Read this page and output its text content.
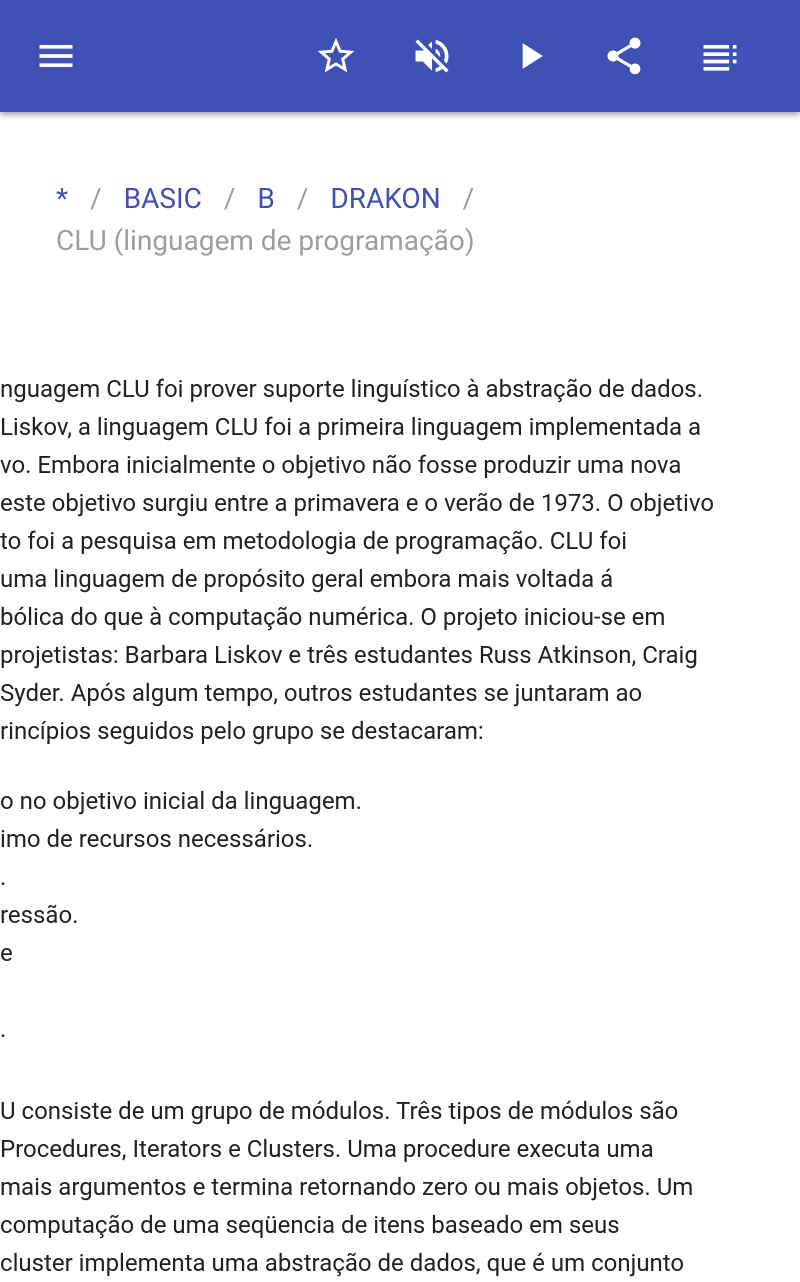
* / BASIC / B / DRAKON /
CLU (linguagem de programação)
nguagem CLU foi prover suporte linguístico à abstração de dados.
Liskov, a linguagem CLU foi a primeira linguagem implementada a
vo. Embora inicialmente o objetivo não fosse produzir uma nova
este objetivo surgiu entre a primavera e o verão de 1973. O objetivo
to foi a pesquisa em metodologia de programação. CLU foi
uma linguagem de propósito geral embora mais voltada á
bólica do que à computação numérica. O projeto iniciou-se em
projetistas: Barbara Liskov e três estudantes Russ Atkinson, Craig
Syder. Após algum tempo, outros estudantes se juntaram ao
rincípios seguidos pelo grupo se destacaram:
o no objetivo inicial da linguagem.
imo de recursos necessários.
.
ressão.
e
.
U consiste de um grupo de módulos. Três tipos de módulos são
Procedures, Iterators e Clusters. Uma procedure executa uma
mais argumentos e termina retornando zero ou mais objetos. Um
computação de uma seqüencia de itens baseado em seus
cluster implementa uma abstração de dados, que é um conjunto
